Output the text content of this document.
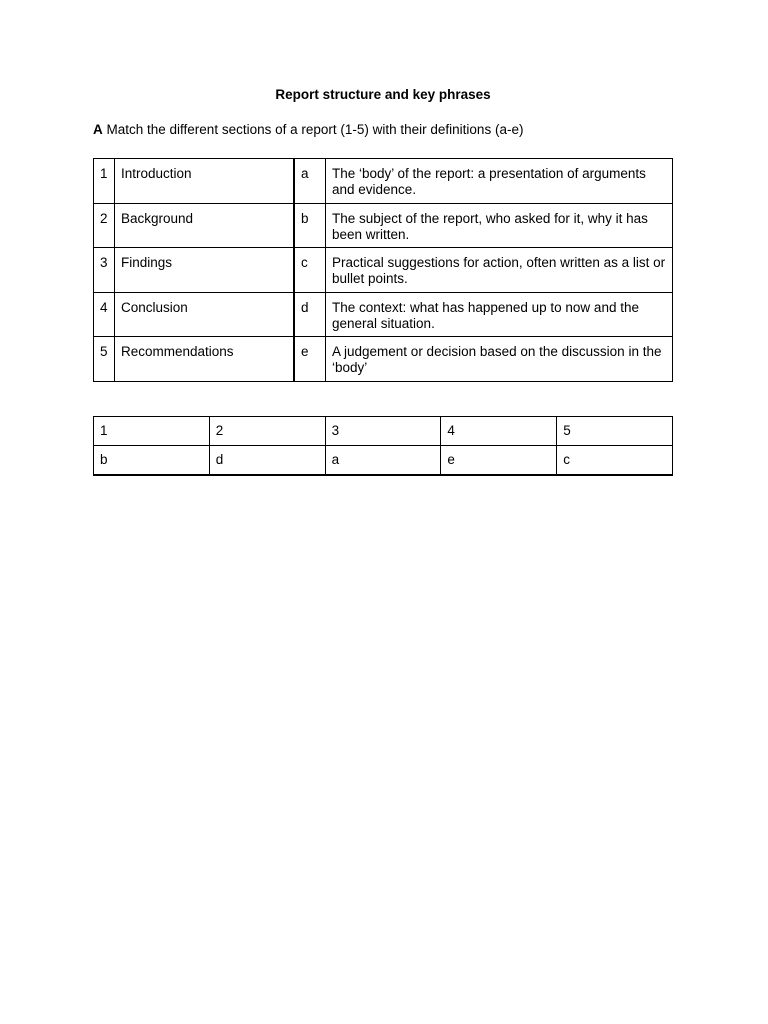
Report structure and key phrases
A Match the different sections of a report (1-5) with their definitions (a-e)
1	Introduction	a	The ‘body’ of the report: a presentation of arguments and evidence.
2	Background	b	The subject of the report, who asked for it, why it has been written.
3	Findings	c	Practical suggestions for action, often written as a list or bullet points.
4	Conclusion	d	The context: what has happened up to now and the general situation.
5	Recommendations	e	A judgement or decision based on the discussion in the ‘body’
1	2	3	4	5
b	d	a	e	c
